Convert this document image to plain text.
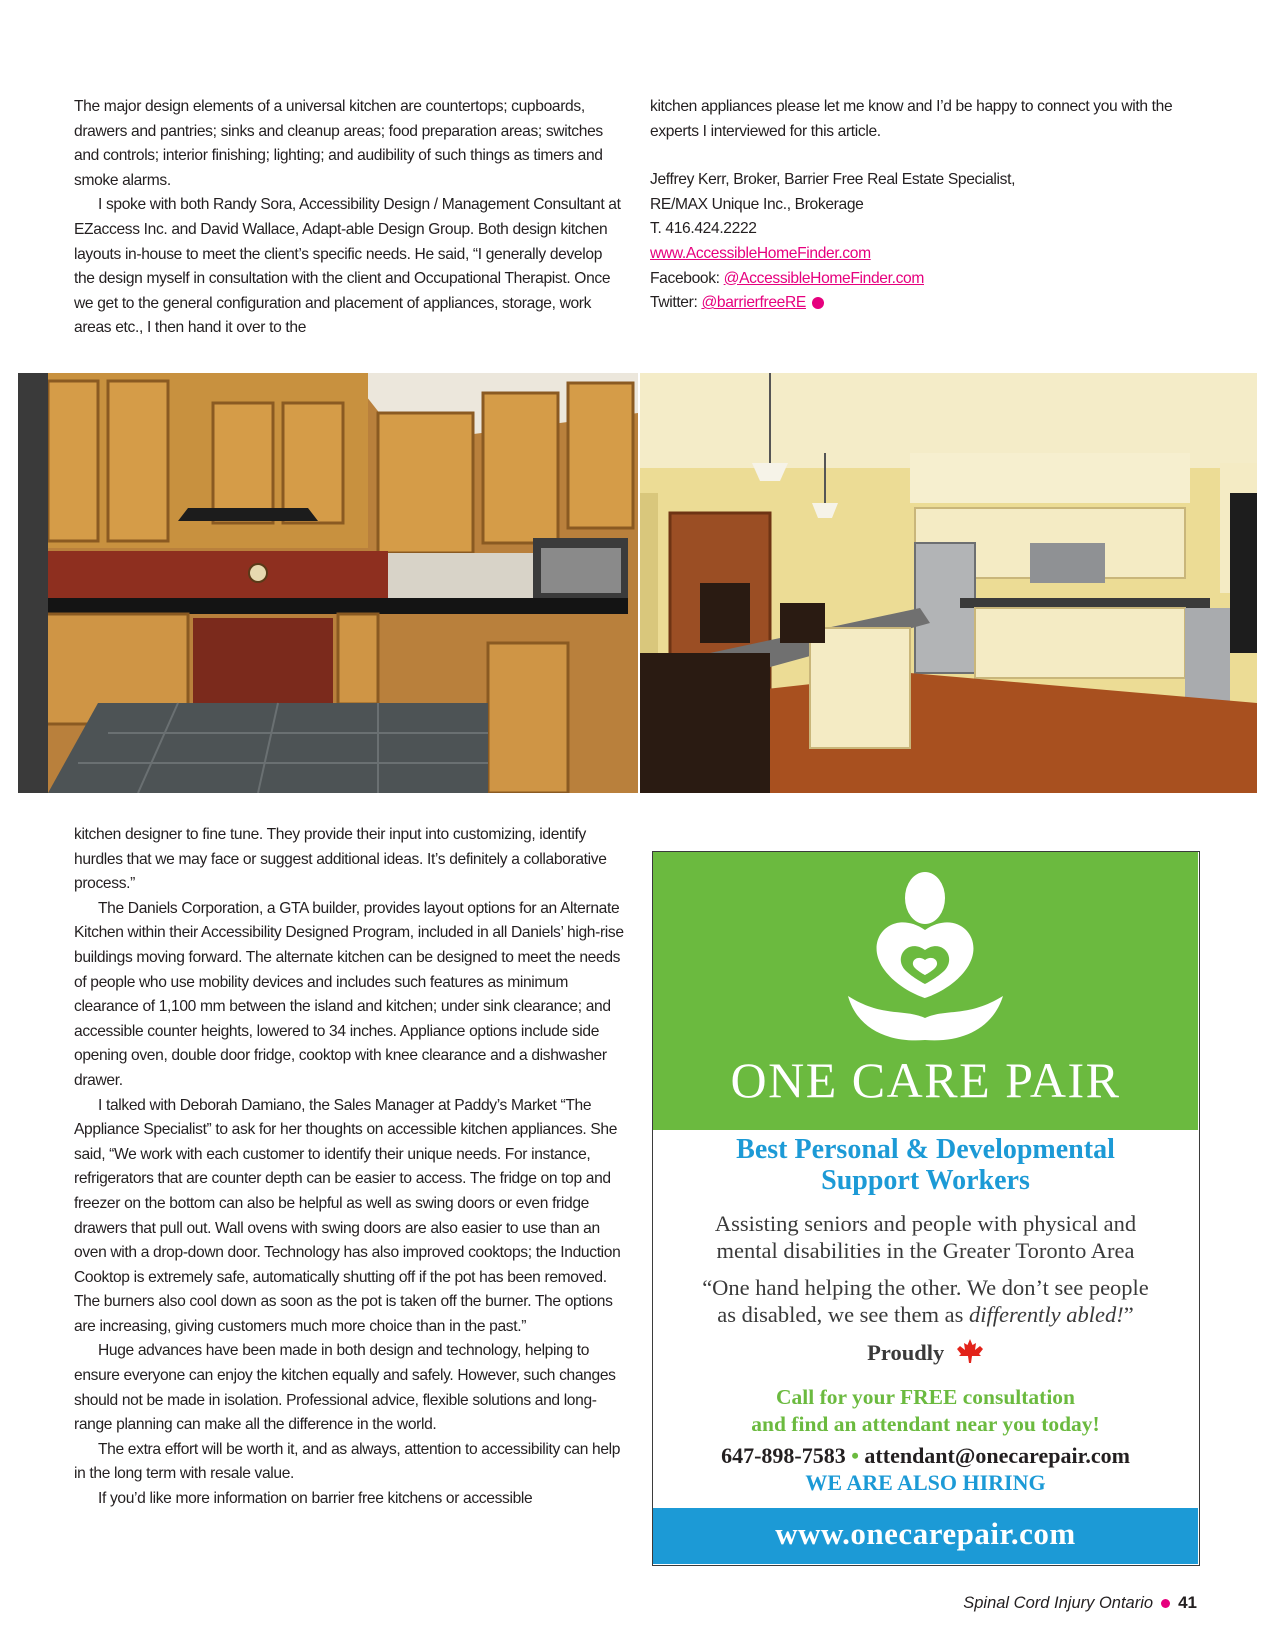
The major design elements of a universal kitchen are countertops; cupboards, drawers and pantries; sinks and cleanup areas; food preparation areas; switches and controls; interior finishing; lighting; and audibility of such things as timers and smoke alarms.

I spoke with both Randy Sora, Accessibility Design / Management Consultant at EZaccess Inc. and David Wallace, Adapt-able Design Group. Both design kitchen layouts in-house to meet the client’s specific needs. He said, “I generally develop the design myself in consultation with the client and Occupational Therapist. Once we get to the general configuration and placement of appliances, storage, work areas etc., I then hand it over to the

kitchen appliances please let me know and I’d be happy to connect you with the experts I interviewed for this article.

Jeffrey Kerr, Broker, Barrier Free Real Estate Specialist,

RE/MAX Unique Inc., Brokerage

T. 416.424.2222

www.AccessibleHomeFinder.com

Facebook: @AccessibleHomeFinder.com

Twitter: @barrierfreeRE

kitchen designer to fine tune. They provide their input into customizing, identify hurdles that we may face or suggest additional ideas. It’s definitely a collaborative process.”

The Daniels Corporation, a GTA builder, provides layout options for an Alternate Kitchen within their Accessibility Designed Program, included in all Daniels’ high-rise buildings moving forward. The alternate kitchen can be designed to meet the needs of people who use mobility devices and includes such features as minimum clearance of 1,100 mm between the island and kitchen; under sink clearance; and accessible counter heights, lowered to 34 inches. Appliance options include side opening oven, double door fridge, cooktop with knee clearance and a dishwasher drawer.

I talked with Deborah Damiano, the Sales Manager at Paddy’s Market “The Appliance Specialist” to ask for her thoughts on accessible kitchen appliances. She said, “We work with each customer to identify their unique needs. For instance, refrigerators that are counter depth can be easier to access. The fridge on top and freezer on the bottom can also be helpful as well as swing doors or even fridge drawers that pull out. Wall ovens with swing doors are also easier to use than an oven with a drop-down door. Technology has also improved cooktops; the Induction Cooktop is extremely safe, automatically shutting off if the pot has been removed. The burners also cool down as soon as the pot is taken off the burner. The options are increasing, giving customers much more choice than in the past.”

Huge advances have been made in both design and technology, helping to ensure everyone can enjoy the kitchen equally and safely. However, such changes should not be made in isolation. Professional advice, flexible solutions and long-range planning can make all the difference in the world.

The extra effort will be worth it, and as always, attention to accessibility can help in the long term with resale value.

If you’d like more information on barrier free kitchens or accessible

ONE CARE PAIR
Best Personal & Developmental
Support Workers
Assisting seniors and people with physical and
mental disabilities in the Greater Toronto Area
“One hand helping the other. We don’t see people
as disabled, we see them as differently abled!”
Proudly
Call for your FREE consultation
and find an attendant near you today!
647-898-7583 • attendant@onecarepair.com
WE ARE ALSO HIRING
www.onecarepair.com
Spinal Cord Injury Ontario 41
